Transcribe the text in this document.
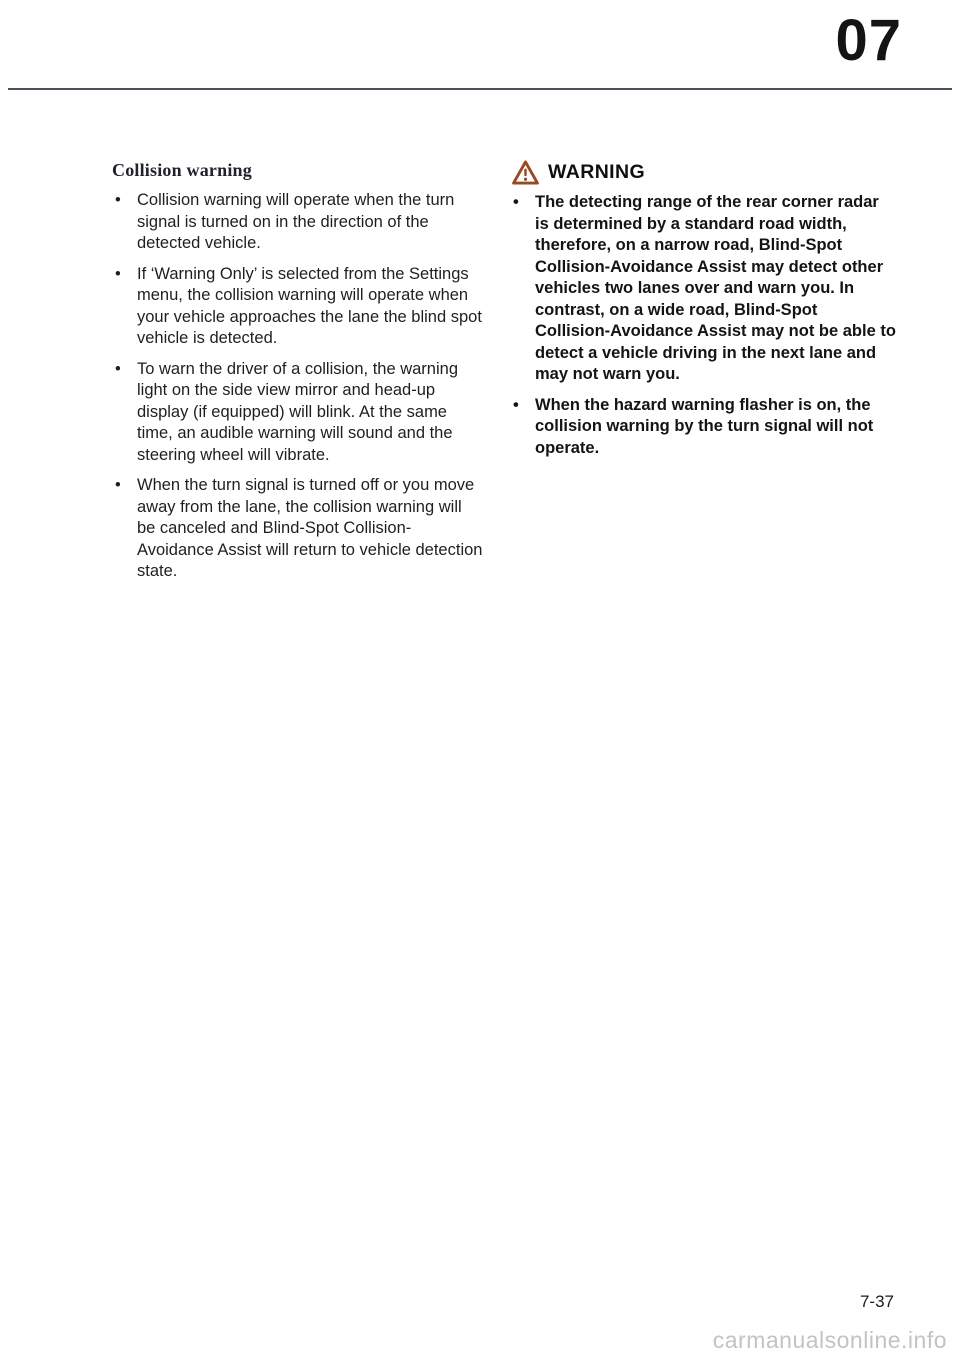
07
Collision warning
• Collision warning will operate when the turn signal is turned on in the direction of the detected vehicle.
• If ‘Warning Only’ is selected from the Settings menu, the collision warning will operate when your vehicle approaches the lane the blind spot vehicle is detected.
• To warn the driver of a collision, the warning light on the side view mirror and head-up display (if equipped) will blink. At the same time, an audible warning will sound and the steering wheel will vibrate.
• When the turn signal is turned off or you move away from the lane, the collision warning will be canceled and Blind-Spot Collision-Avoidance Assist will return to vehicle detection state.
WARNING
• The detecting range of the rear corner radar is determined by a standard road width, therefore, on a narrow road, Blind-Spot Collision-Avoidance Assist may detect other vehicles two lanes over and warn you. In contrast, on a wide road, Blind-Spot Collision-Avoidance Assist may not be able to detect a vehicle driving in the next lane and may not warn you.
• When the hazard warning flasher is on, the collision warning by the turn signal will not operate.
7-37
carmanualsonline.info
